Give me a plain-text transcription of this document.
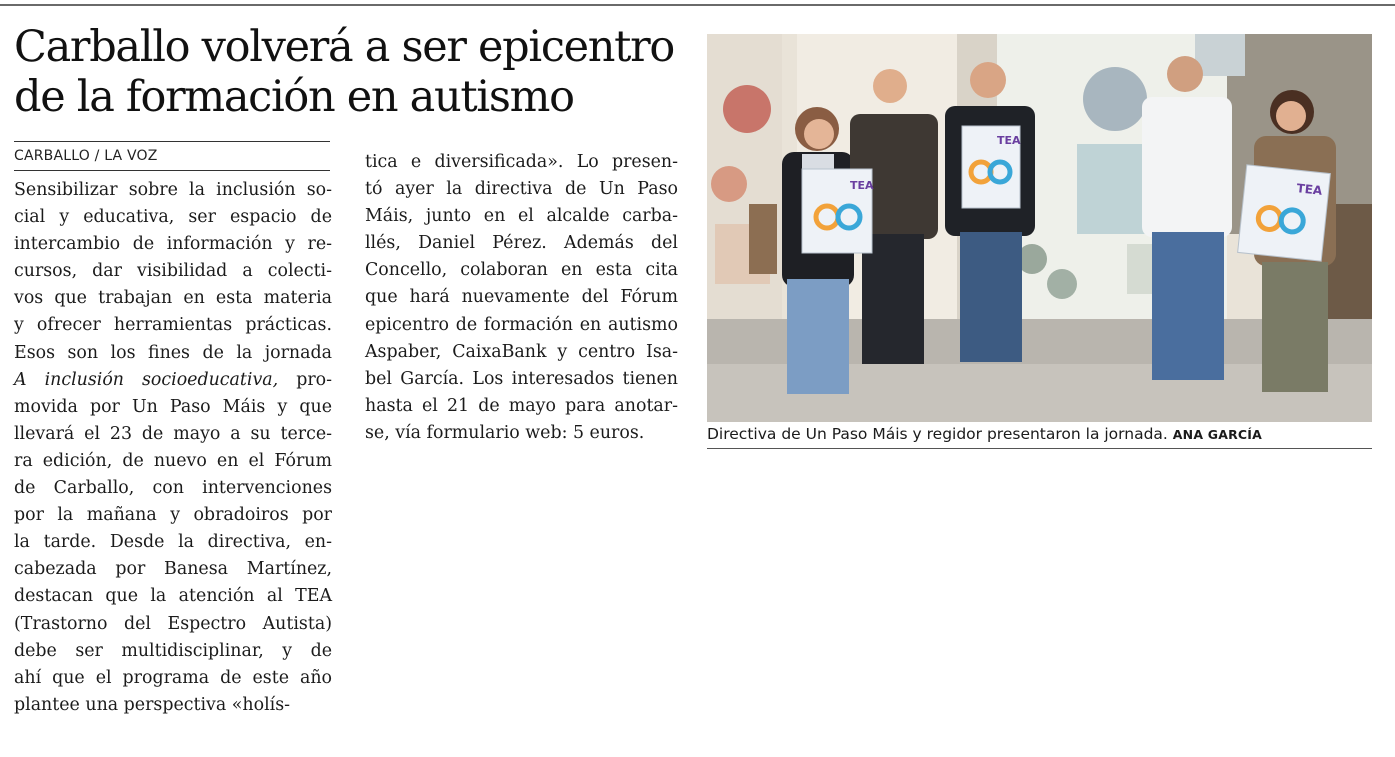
Carballo volverá a ser epicentro
de la formación en autismo
CARBALLO / LA VOZ
Sensibilizar sobre la inclusión so-
cial y educativa, ser espacio de
intercambio de información y re-
cursos, dar visibilidad a colecti-
vos que trabajan en esta materia
y ofrecer herramientas prácticas.
Esos son los fines de la jornada
A inclusión socioeducativa, pro-
movida por Un Paso Máis y que
llevará el 23 de mayo a su terce-
ra edición, de nuevo en el Fórum
de Carballo, con intervenciones
por la mañana y obradoiros por
la tarde. Desde la directiva, en-
cabezada por Banesa Martínez,
destacan que la atención al TEA
(Trastorno del Espectro Autista)
debe ser multidisciplinar, y de
ahí que el programa de este año
plantee una perspectiva «holís-
tica e diversificada». Lo presen-
tó ayer la directiva de Un Paso
Máis, junto en el alcalde carba-
llés, Daniel Pérez. Además del
Concello, colaboran en esta cita
que hará nuevamente del Fórum
epicentro de formación en autismo
Aspaber, CaixaBank y centro Isa-
bel García. Los interesados tienen
hasta el 21 de mayo para anotar-
se, vía formulario web: 5 euros.
TEA
TEA
TEA
Directiva de Un Paso Máis y regidor presentaron la jornada. ANA GARCÍA
